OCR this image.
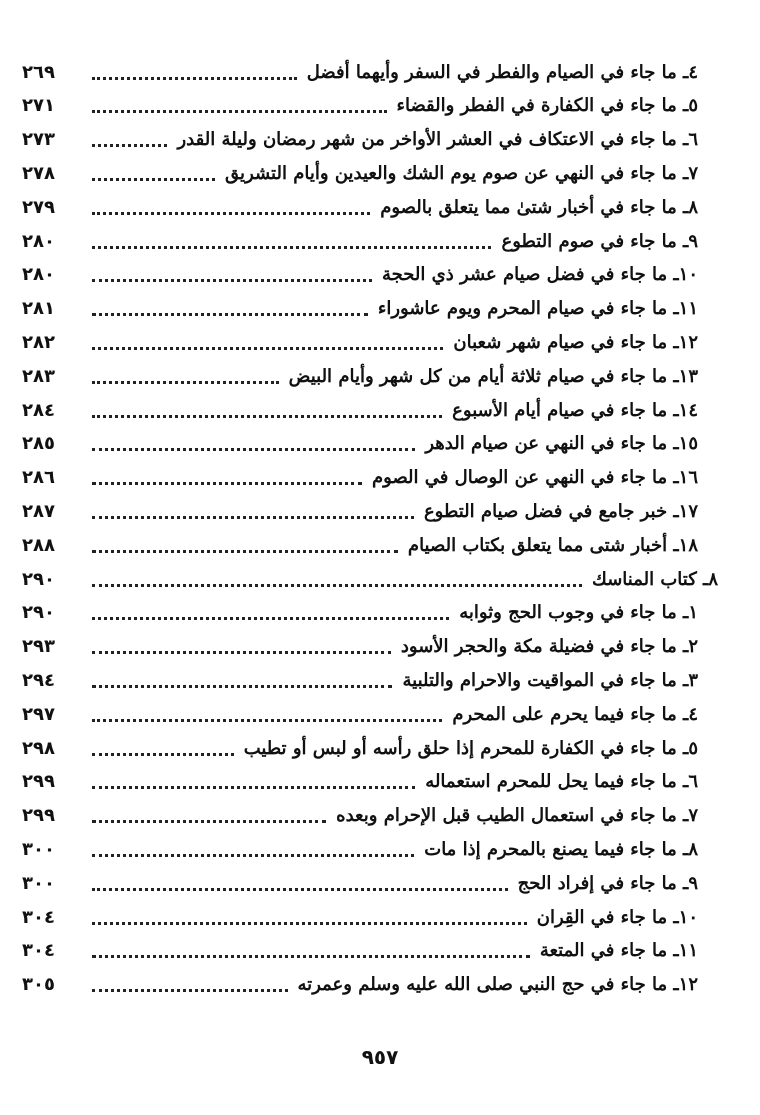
٤ـ ما جاء في الصيام والفطر في السفر وأيهما أفضل
٢٦٩
٥ـ ما جاء في الكفارة في الفطر والقضاء
٢٧١
٦ـ ما جاء في الاعتكاف في العشر الأواخر من شهر رمضان وليلة القدر
٢٧٣
٧ـ ما جاء في النهي عن صوم يوم الشك والعيدين وأيام التشريق
٢٧٨
٨ـ ما جاء في أخبار شتىٰ مما يتعلق بالصوم
٢٧٩
٩ـ ما جاء في صوم التطوع
٢٨٠
١٠ـ ما جاء في فضل صيام عشر ذي الحجة
٢٨٠
١١ـ ما جاء في صيام المحرم ويوم عاشوراء
٢٨١
١٢ـ ما جاء في صيام شهر شعبان
٢٨٢
١٣ـ ما جاء في صيام ثلاثة أيام من كل شهر وأيام البيض
٢٨٣
١٤ـ ما جاء في صيام أيام الأسبوع
٢٨٤
١٥ـ ما جاء في النهي عن صيام الدهر
٢٨٥
١٦ـ ما جاء في النهي عن الوصال في الصوم
٢٨٦
١٧ـ خبر جامع في فضل صيام التطوع
٢٨٧
١٨ـ أخبار شتى مما يتعلق بكتاب الصيام
٢٨٨
٨ـ كتاب المناسك
٢٩٠
١ـ ما جاء في وجوب الحج وثوابه
٢٩٠
٢ـ ما جاء في فضيلة مكة والحجر الأسود
٢٩٣
٣ـ ما جاء في المواقيت والاحرام والتلبية
٢٩٤
٤ـ ما جاء فيما يحرم على المحرم
٢٩٧
٥ـ ما جاء في الكفارة للمحرم إذا حلق رأسه أو لبس أو تطيب
٢٩٨
٦ـ ما جاء فيما يحل للمحرم استعماله
٢٩٩
٧ـ ما جاء في استعمال الطيب قبل الإحرام وبعده
٢٩٩
٨ـ ما جاء فيما يصنع بالمحرم إذا مات
٣٠٠
٩ـ ما جاء في إفراد الحج
٣٠٠
١٠ـ ما جاء في القِران
٣٠٤
١١ـ ما جاء في المتعة
٣٠٤
١٢ـ ما جاء في حج النبي صلى الله عليه وسلم وعمرته
٣٠٥
٩٥٧
